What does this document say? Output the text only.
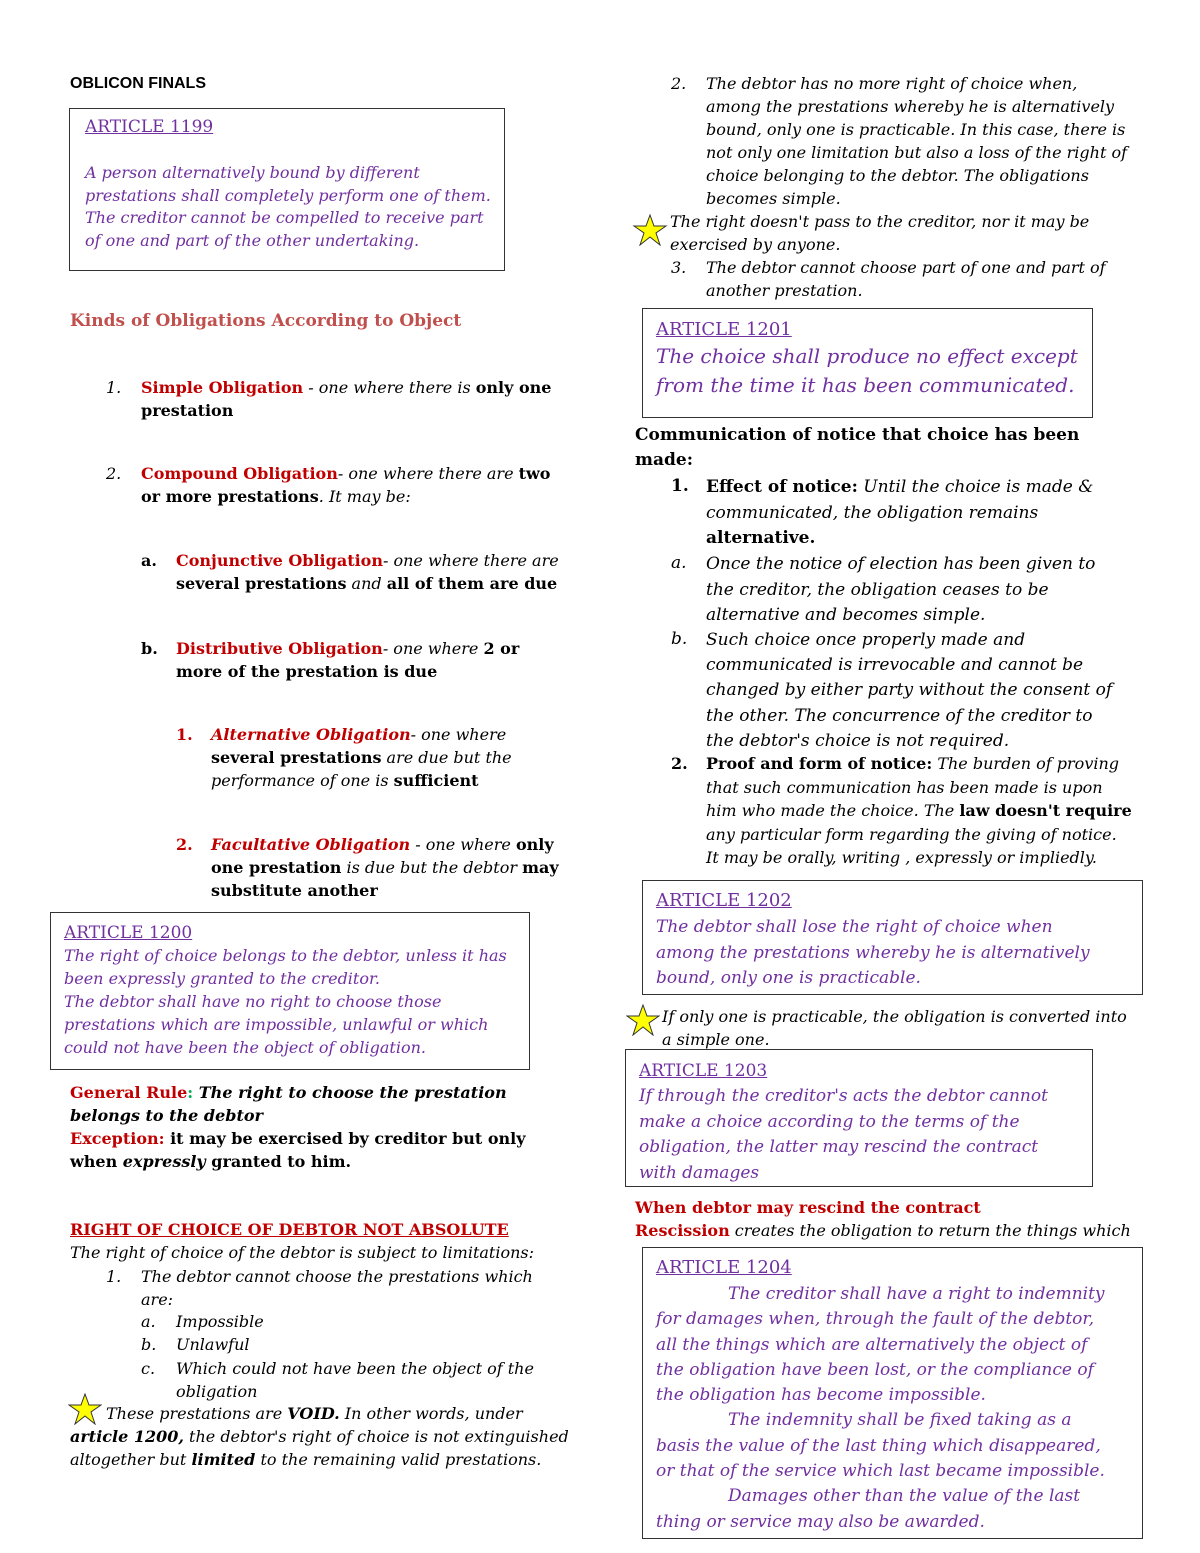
OBLICON FINALS
ARTICLE 1199
A person alternatively bound by different
prestations shall completely perform one of them.
The creditor cannot be compelled to receive part
of one and part of the other undertaking.
Kinds of Obligations According to Object
1. Simple Obligation - one where there is only one
prestation
2. Compound Obligation- one where there are two
or more prestations. It may be:
a. Conjunctive Obligation- one where there are
several prestations and all of them are due
b. Distributive Obligation- one where 2 or
more of the prestation is due
1. Alternative Obligation- one where
several prestations are due but the
performance of one is sufficient
2. Facultative Obligation - one where only
one prestation is due but the debtor may
substitute another
ARTICLE 1200
The right of choice belongs to the debtor, unless it has
been expressly granted to the creditor.
The debtor shall have no right to choose those
prestations which are impossible, unlawful or which
could not have been the object of obligation.
General Rule: The right to choose the prestation
belongs to the debtor
Exception: it may be exercised by creditor but only
when expressly granted to him.
RIGHT OF CHOICE OF DEBTOR NOT ABSOLUTE
The right of choice of the debtor is subject to limitations:
1. The debtor cannot choose the prestations which
are:
a. Impossible
b. Unlawful
c. Which could not have been the object of the
obligation
These prestations are VOID. In other words, under
article 1200, the debtor's right of choice is not extinguished
altogether but limited to the remaining valid prestations.
2. The debtor has no more right of choice when,
among the prestations whereby he is alternatively
bound, only one is practicable. In this case, there is
not only one limitation but also a loss of the right of
choice belonging to the debtor. The obligations
becomes simple.
The right doesn't pass to the creditor, nor it may be
exercised by anyone.
3. The debtor cannot choose part of one and part of
another prestation.
ARTICLE 1201
The choice shall produce no effect except
from the time it has been communicated.
Communication of notice that choice has been
made:
1. Effect of notice: Until the choice is made &
communicated, the obligation remains
alternative.
a. Once the notice of election has been given to
the creditor, the obligation ceases to be
alternative and becomes simple.
b. Such choice once properly made and
communicated is irrevocable and cannot be
changed by either party without the consent of
the other. The concurrence of the creditor to
the debtor's choice is not required.
2. Proof and form of notice: The burden of proving
that such communication has been made is upon
him who made the choice. The law doesn't require
any particular form regarding the giving of notice.
It may be orally, writing , expressly or impliedly.
ARTICLE 1202
The debtor shall lose the right of choice when
among the prestations whereby he is alternatively
bound, only one is practicable.
If only one is practicable, the obligation is converted into
a simple one.
ARTICLE 1203
If through the creditor's acts the debtor cannot
make a choice according to the terms of the
obligation, the latter may rescind the contract
with damages
When debtor may rescind the contract
Rescission creates the obligation to return the things which
ARTICLE 1204
The creditor shall have a right to indemnity
for damages when, through the fault of the debtor,
all the things which are alternatively the object of
the obligation have been lost, or the compliance of
the obligation has become impossible.
The indemnity shall be fixed taking as a
basis the value of the last thing which disappeared,
or that of the service which last became impossible.
Damages other than the value of the last
thing or service may also be awarded.
